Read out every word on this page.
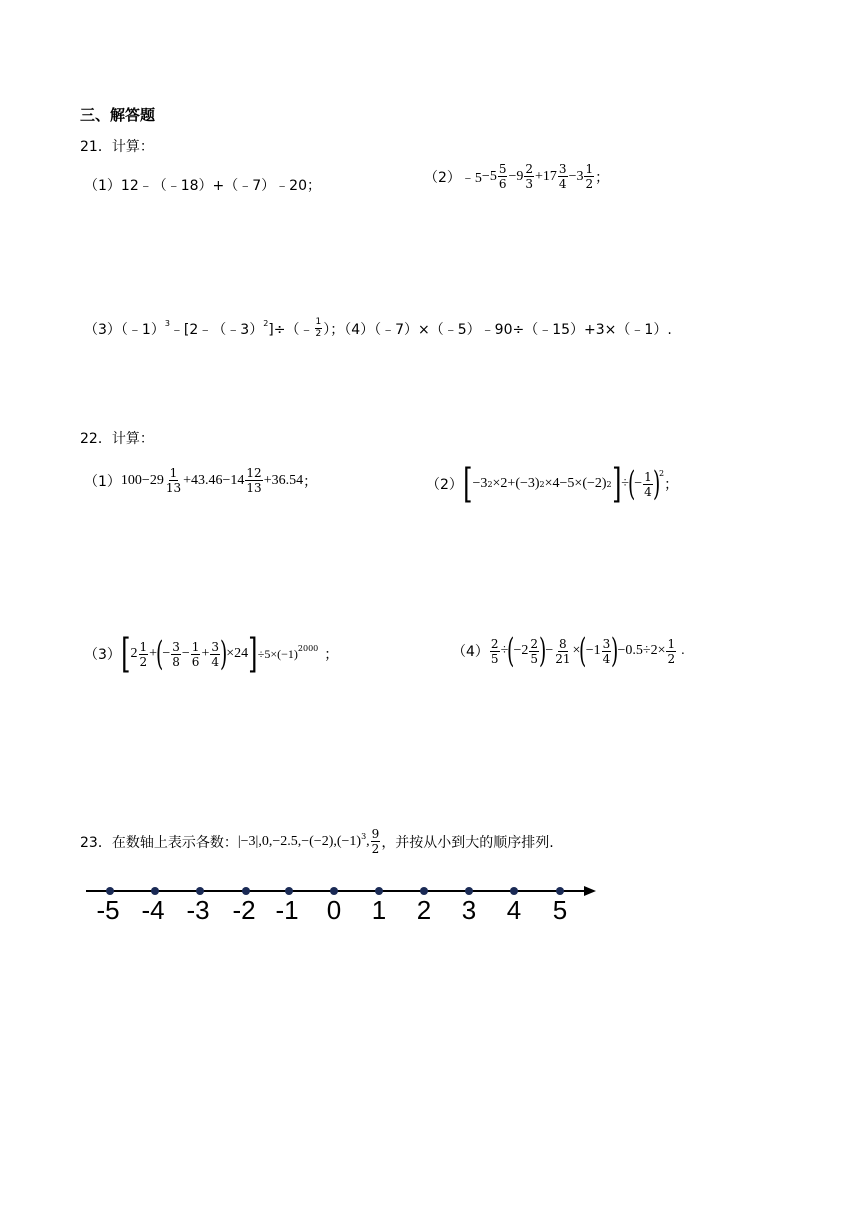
三、解答题
21．计算：
（1）12﹣（﹣18）+（﹣7）﹣20；
（2） ﹣5 $-5 \frac{5}{6} -9 \frac{2}{3} +17 \frac{3}{4} -3 \frac{1}{2}$ ；
（3）（﹣1）$^3$ ﹣[2﹣（﹣3）$^2$ ]÷（﹣ $\frac{1}{2}$ ）；（4）（﹣7）×（﹣5）﹣90÷（﹣15）+3×（﹣1）.
22．计算：
（1） $100-29 \frac{1}{13} +43.46-14 \frac{12}{13} +36.54$ ；	（2） [ −3 2 ×2+(−3) 2 ×4−5×(−2) 2 ] ÷
(
− $\frac{1}{4}$ )
2
；
（3） [ $2 \frac{1}{2}$ +
(
− $\frac{3}{8} - \frac{1}{6} + \frac{3}{4}$ )
×24 ] $\div 5\times(-1)^{2000}$ ；	$(4) \frac{2}{5}$ ÷
(
$-2 \frac{2}{5}$ )
− $\frac{8}{21}$ ×
(
$-1 \frac{3}{4}$ )
$-0.5\div 2\times \frac{1}{2}$ .
23．在数轴上表示各数： |−3| $,0,-2.5,-(-2),(-1)^3$ , $\frac{9}{2}$ ，并按从小到大的顺序排列.
-5 -4 -3 -2 -1	0	1	2	3	4	5
